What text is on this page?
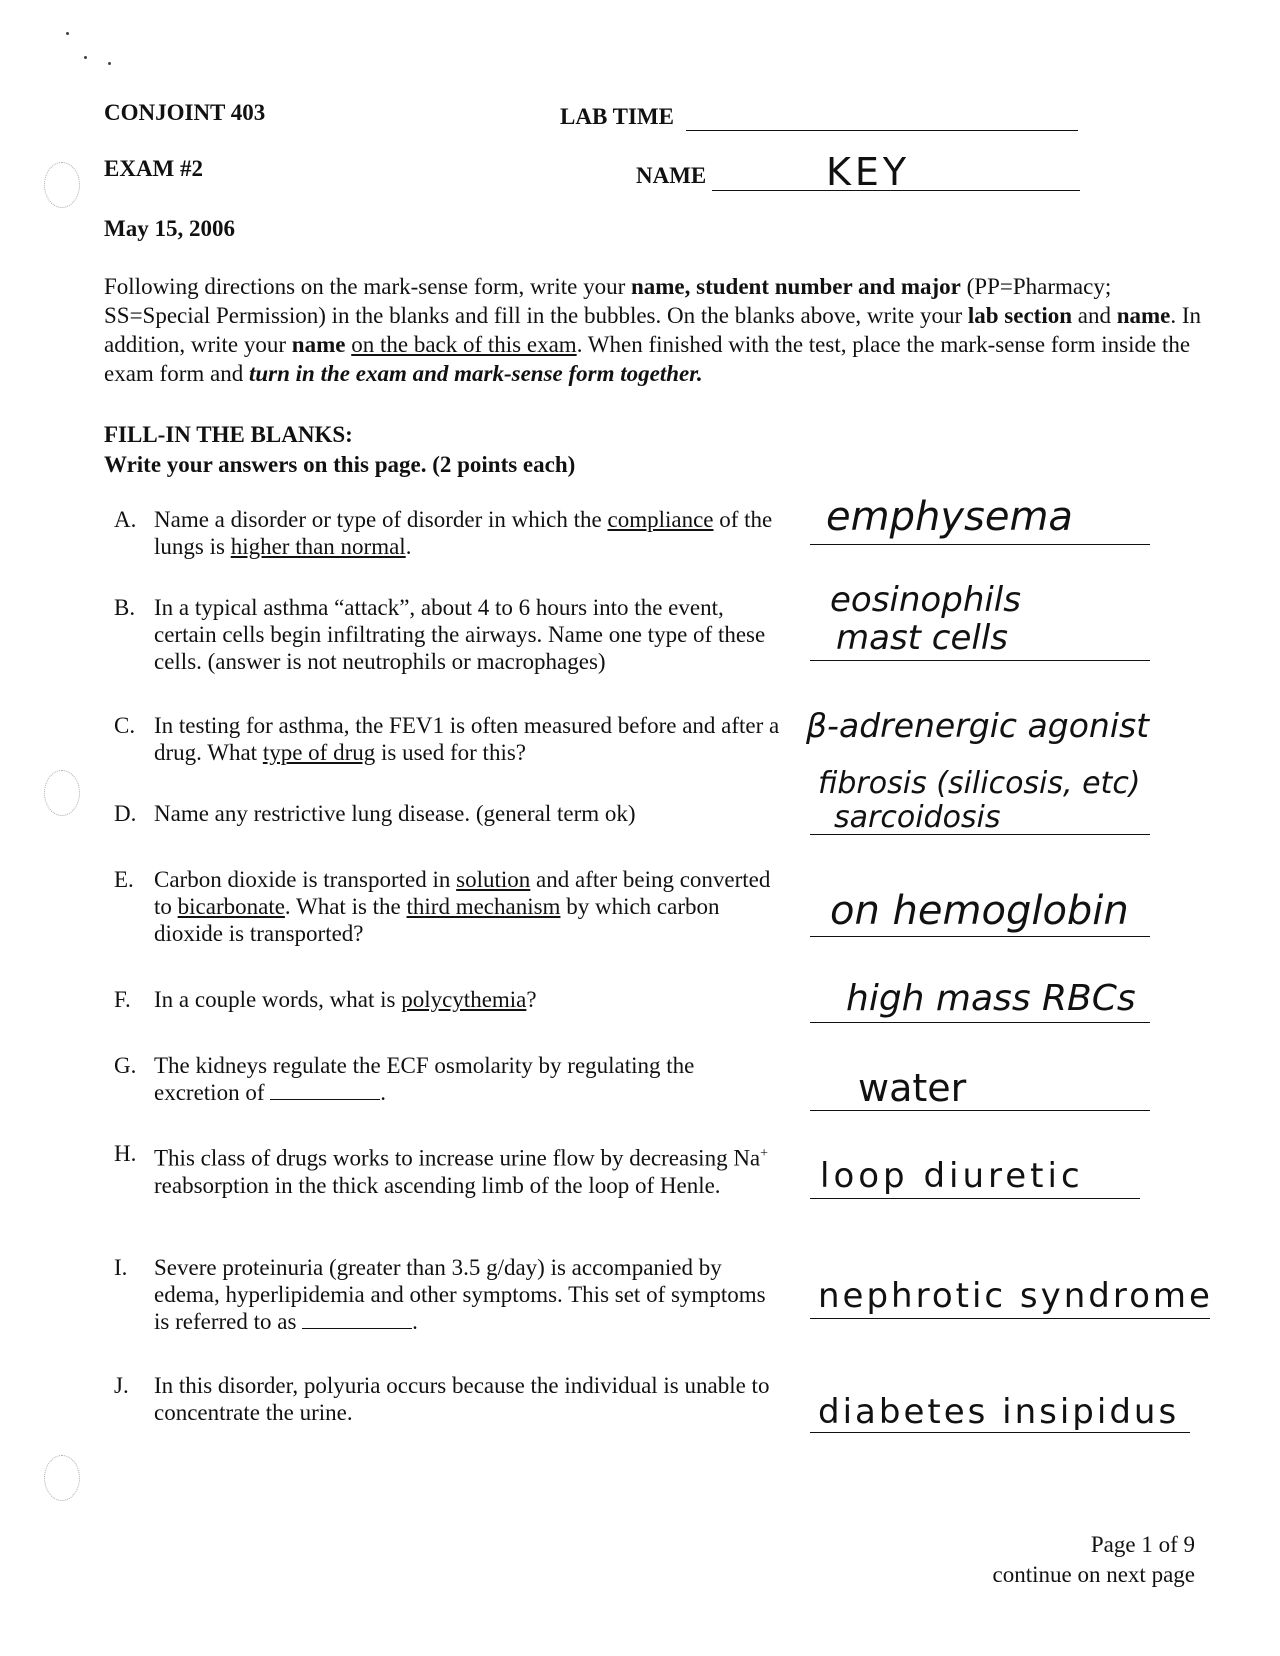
CONJOINT 403
EXAM #2
May 15, 2006
LAB TIME
NAME	KEY
Following directions on the mark-sense form, write your name, student number and major (PP=Pharmacy; SS=Special Permission) in the blanks and fill in the bubbles. On the blanks above, write your lab section and name. In addition, write your name on the back of this exam. When finished with the test, place the mark-sense form inside the exam form and turn in the exam and mark-sense form together.
FILL-IN THE BLANKS:
Write your answers on this page. (2 points each)
A. Name a disorder or type of disorder in which the compliance of the lungs is higher than normal.
emphysema
B. In a typical asthma “attack”, about 4 to 6 hours into the event, certain cells begin infiltrating the airways. Name one type of these cells. (answer is not neutrophils or macrophages)
eosinophils
mast cells
C. In testing for asthma, the FEV1 is often measured before and after a drug. What type of drug is used for this?
β-adrenergic agonist
D. Name any restrictive lung disease. (general term ok)
fibrosis (silicosis, etc)
sarcoidosis
E. Carbon dioxide is transported in solution and after being converted to bicarbonate. What is the third mechanism by which carbon dioxide is transported?	on hemoglobin
F.	In a couple words, what is polycythemia?	high mass RBCs
G. The kidneys regulate the ECF osmolarity by regulating the excretion of	.	water
H. This class of drugs works to increase urine flow by decreasing Na+ reabsorption in the thick ascending limb of the loop of Henle.	loop diuretic
I.	Severe proteinuria (greater than 3.5 g/day) is accompanied by edema, hyperlipidemia and other symptoms. This set of symptoms is referred to as	.
nephrotic syndrome
J.	In this disorder, polyuria occurs because the individual is unable to concentrate the urine.	diabetes insipidus
Page 1 of 9
continue on next page
